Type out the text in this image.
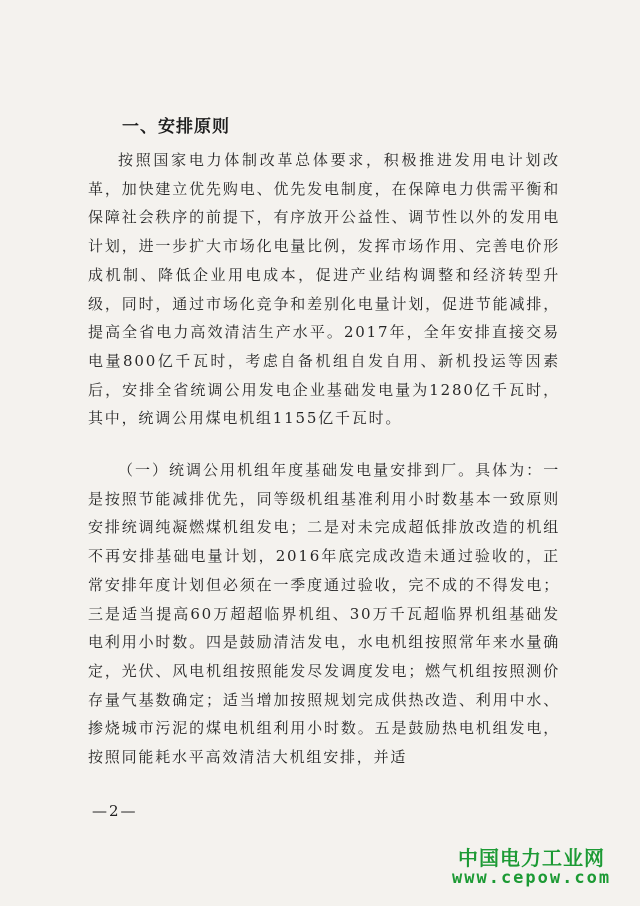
一、安排原则

按照国家电力体制改革总体要求，积极推进发用电计划改革，加快建立优先购电、优先发电制度，在保障电力供需平衡和保障社会秩序的前提下，有序放开公益性、调节性以外的发用电计划，进一步扩大市场化电量比例，发挥市场作用、完善电价形成机制、降低企业用电成本，促进产业结构调整和经济转型升级，同时，通过市场化竞争和差别化电量计划，促进节能减排，提高全省电力高效清洁生产水平。2017年，全年安排直接交易电量800亿千瓦时，考虑自备机组自发自用、新机投运等因素后，安排全省统调公用发电企业基础发电量为1280亿千瓦时，其中，统调公用煤电机组1155亿千瓦时。

（一）统调公用机组年度基础发电量安排到厂。具体为：一是按照节能减排优先，同等级机组基准利用小时数基本一致原则安排统调纯凝燃煤机组发电；二是对未完成超低排放改造的机组不再安排基础电量计划，2016年底完成改造未通过验收的，正常安排年度计划但必须在一季度通过验收，完不成的不得发电；三是适当提高60万超超临界机组、30万千瓦超临界机组基础发电利用小时数。四是鼓励清洁发电，水电机组按照常年来水量确定，光伏、风电机组按照能发尽发调度发电；燃气机组按照测价存量气基数确定；适当增加按照规划完成供热改造、利用中水、掺烧城市污泥的煤电机组利用小时数。五是鼓励热电机组发电，按照同能耗水平高效清洁大机组安排，并适

—2—
中国电力工业网
www.cepow.com
